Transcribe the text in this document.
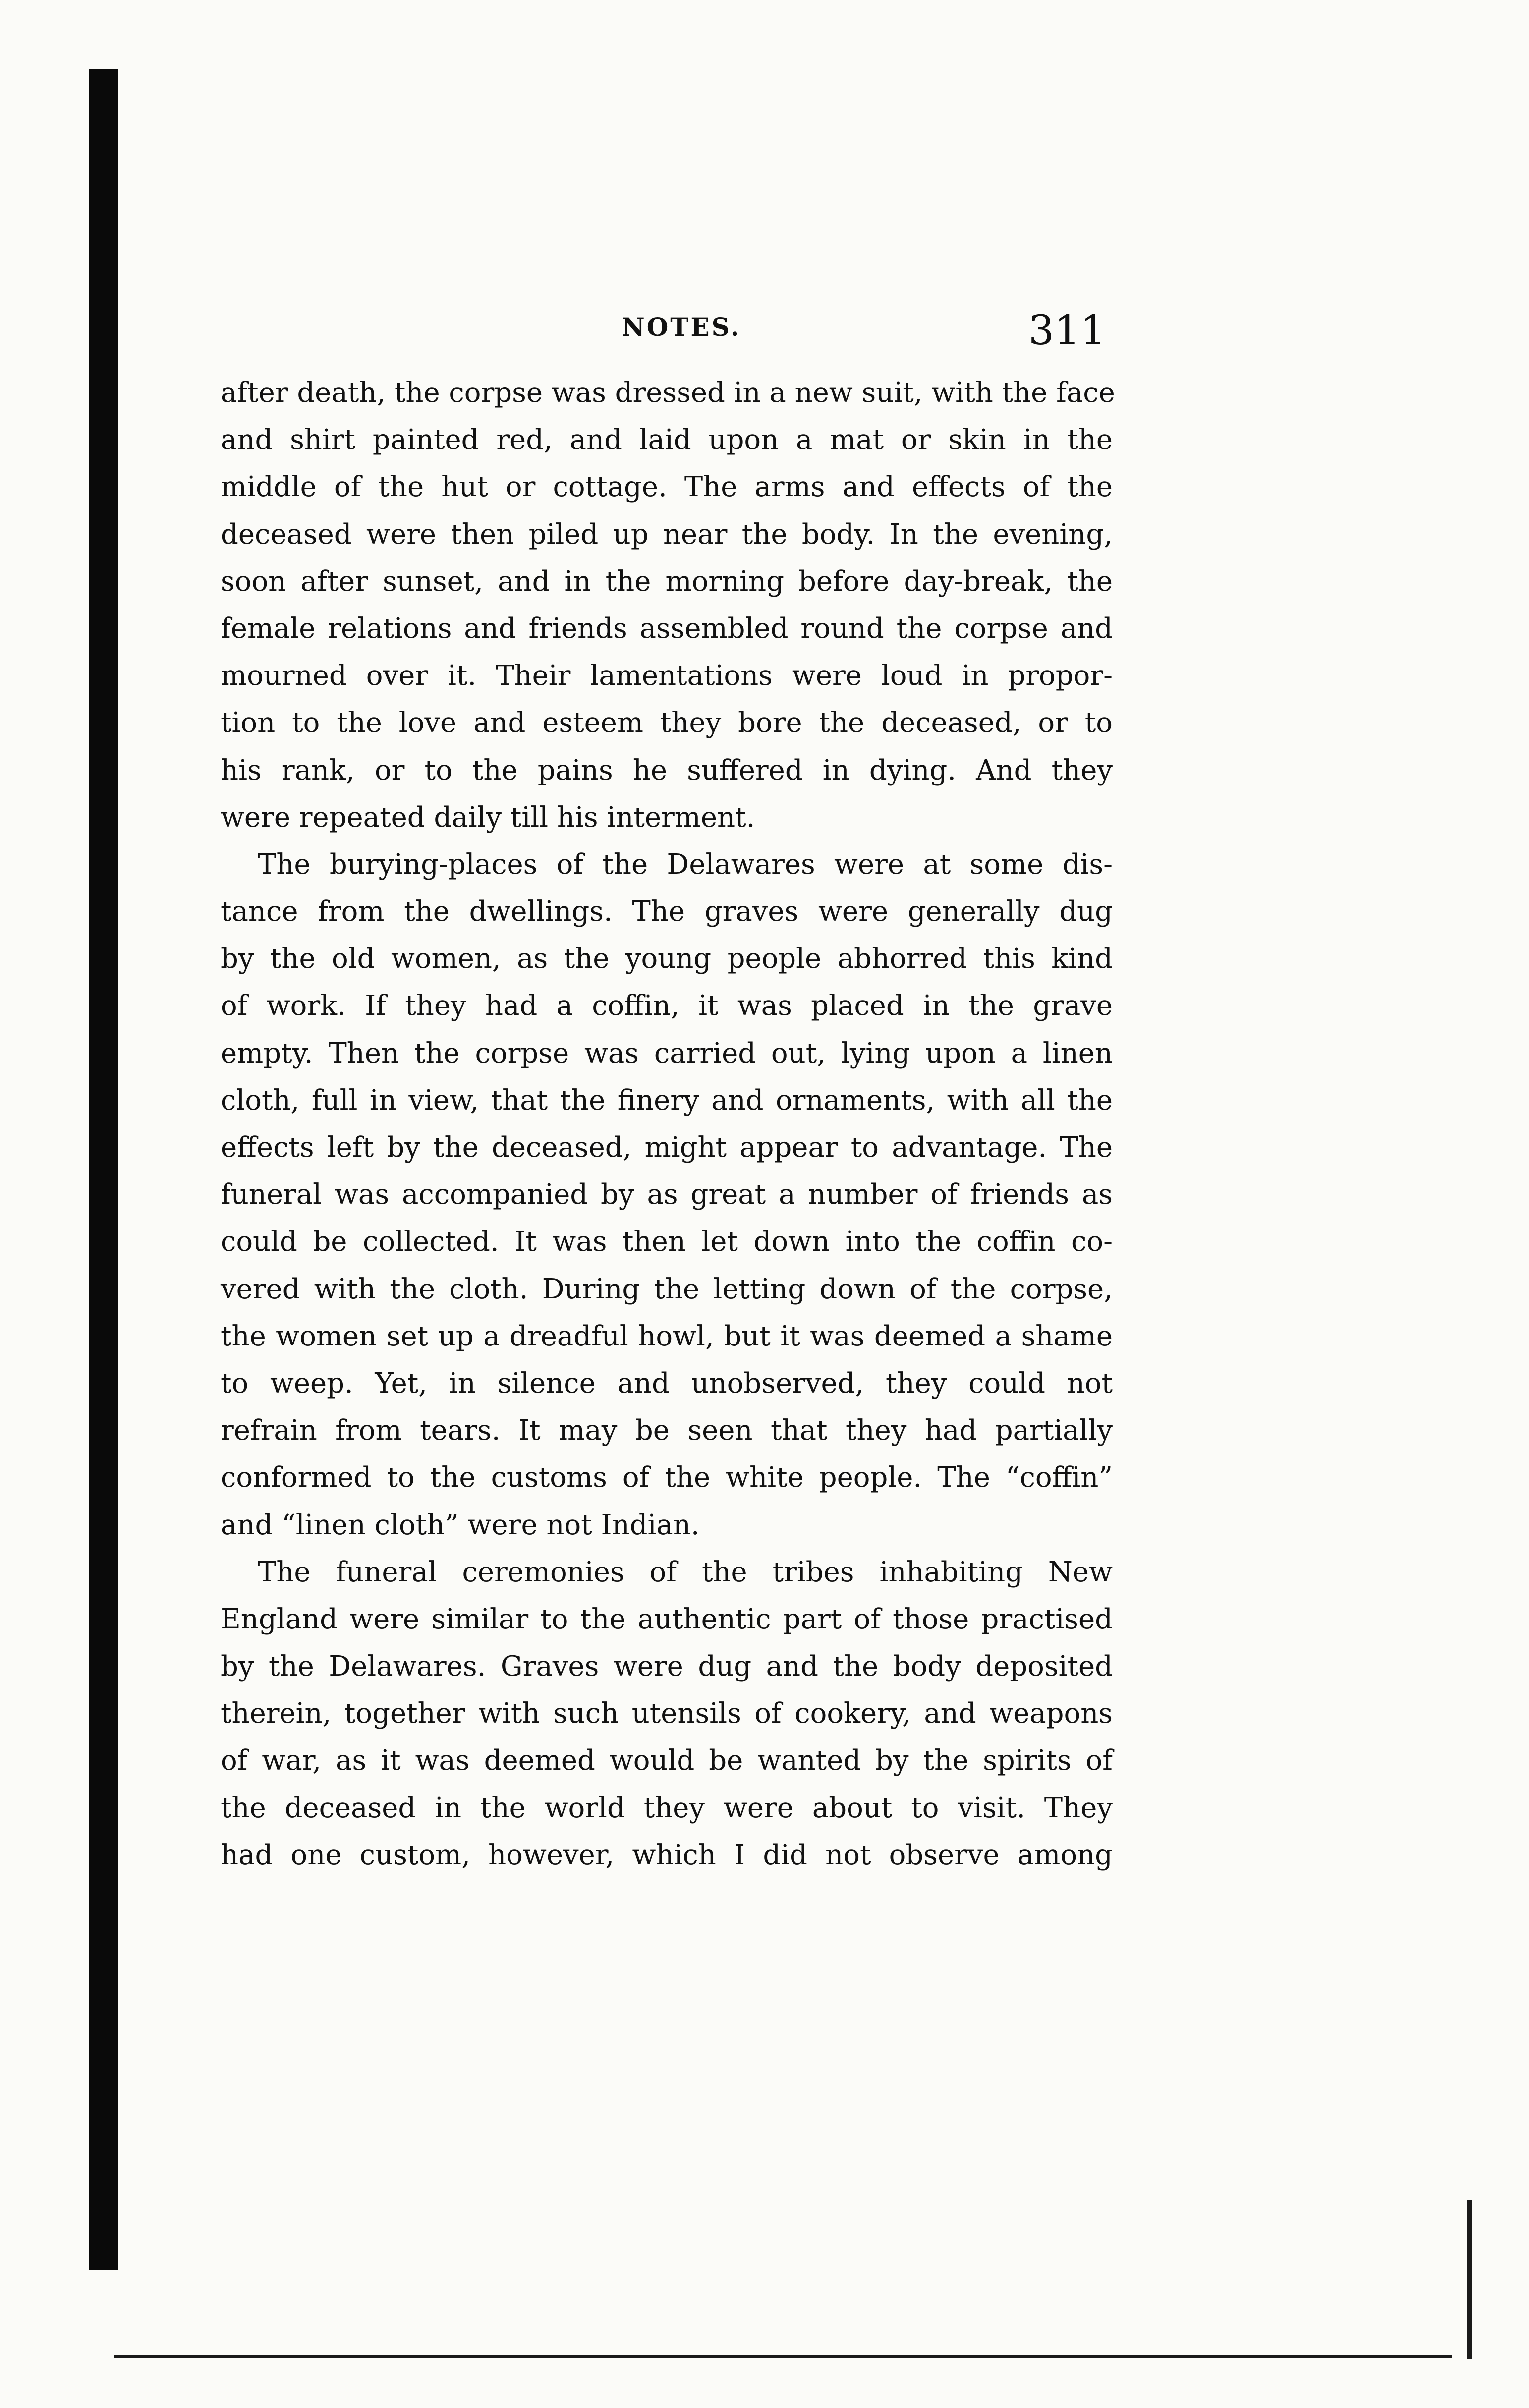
NOTES.	311
after death, the corpse was dressed in a new suit, with the face
and shirt painted red, and laid upon a mat or skin in the
middle of the hut or cottage. The arms and effects of the
deceased were then piled up near the body. In the evening,
soon after sunset, and in the morning before day-break, the
female relations and friends assembled round the corpse and
mourned over it. Their lamentations were loud in propor-
tion to the love and esteem they bore the deceased, or to
his rank, or to the pains he suffered in dying. And they
were repeated daily till his interment.
The burying-places of the Delawares were at some dis-
tance from the dwellings. The graves were generally dug
by the old women, as the young people abhorred this kind
of work. If they had a coffin, it was placed in the grave
empty. Then the corpse was carried out, lying upon a linen
cloth, full in view, that the finery and ornaments, with all the
effects left by the deceased, might appear to advantage. The
funeral was accompanied by as great a number of friends as
could be collected. It was then let down into the coffin co-
vered with the cloth. During the letting down of the corpse,
the women set up a dreadful howl, but it was deemed a shame
to weep. Yet, in silence and unobserved, they could not
refrain from tears. It may be seen that they had partially
conformed to the customs of the white people. The “coffin”
and “linen cloth” were not Indian.
The funeral ceremonies of the tribes inhabiting New
England were similar to the authentic part of those practised
by the Delawares. Graves were dug and the body deposited
therein, together with such utensils of cookery, and weapons
of war, as it was deemed would be wanted by the spirits of
the deceased in the world they were about to visit. They
had one custom, however, which I did not observe among
